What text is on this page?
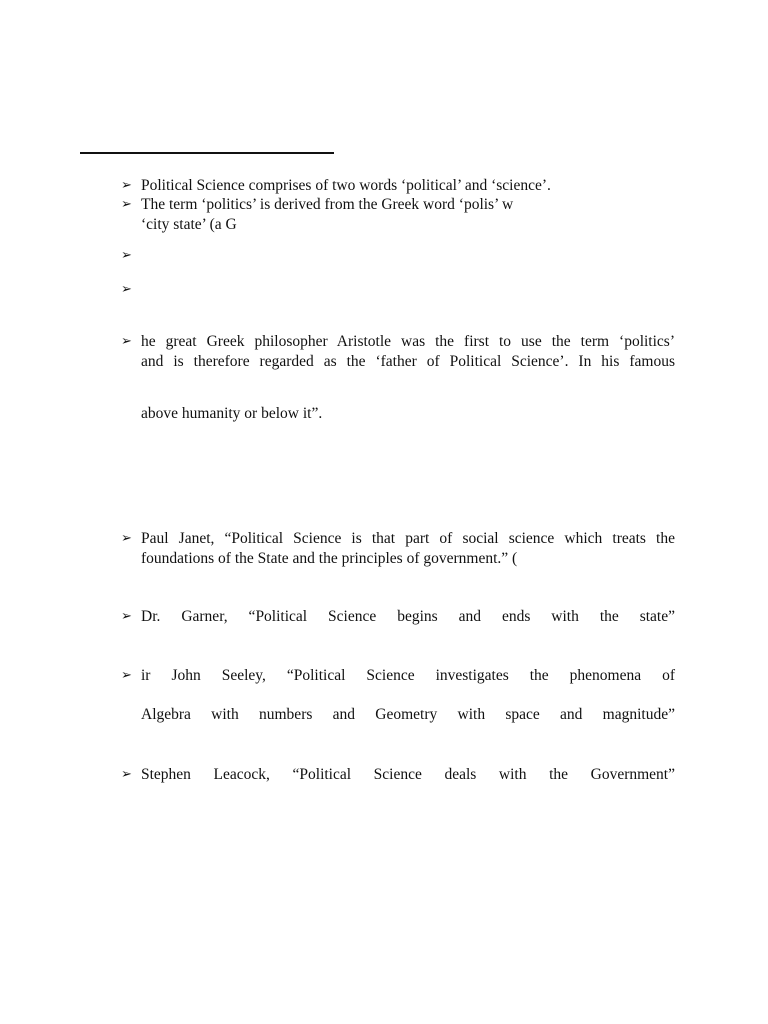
➢ Political Science comprises of two words ‘political’ and ‘science’.
➢ The term ‘politics’ is derived from the Greek word ‘polis’ w
‘city state’ (a G
➢
➢
➢ he great Greek philosopher Aristotle was the first to use the term ‘politics’
and is therefore regarded as the ‘father of Political Science’. In his famous
above humanity or below it”.
➢ Paul Janet, “Political Science is that part of social science which treats the
foundations of the State and the principles of government.” (
➢ Dr. Garner, “Political Science begins and ends with the state”
➢ ir John Seeley, “Political Science investigates the phenomena of
Algebra with numbers and Geometry with space and magnitude”
➢ Stephen Leacock, “Political Science deals with the Government”
